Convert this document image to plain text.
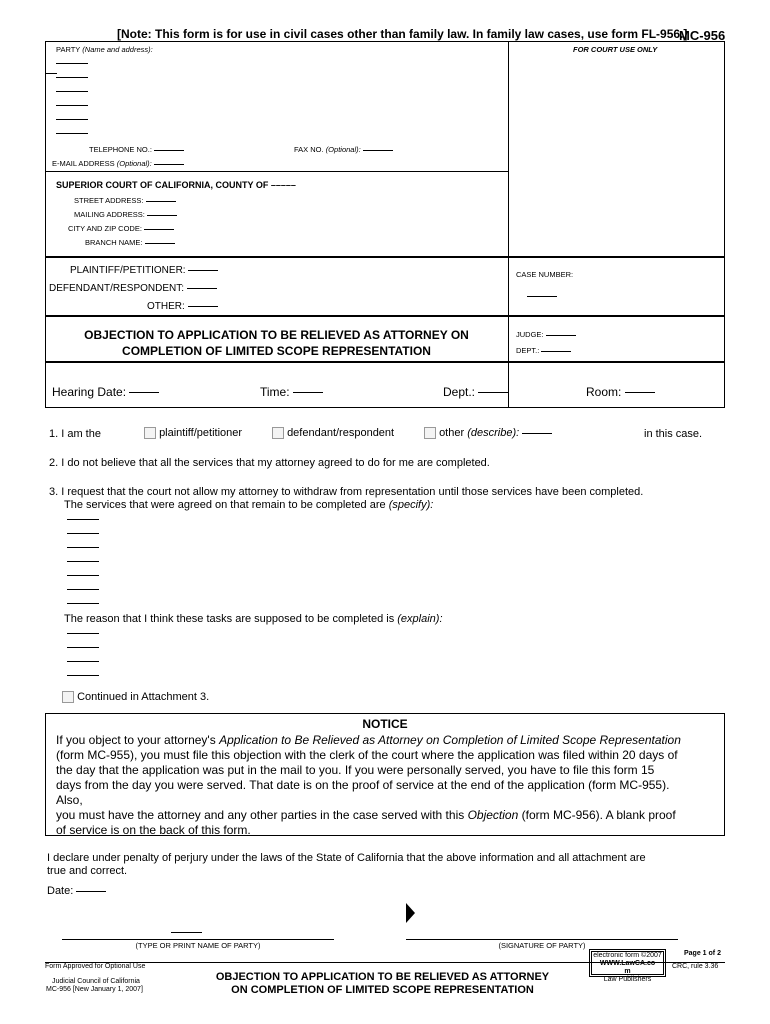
[Note: This form is for use in civil cases other than family law. In family law cases, use form FL-956.]
MC-956
PARTY (Name and address):	FOR COURT USE ONLY
TELEPHONE NO.:	FAX NO. (Optional):
E-MAIL ADDRESS (Optional):
SUPERIOR COURT OF CALIFORNIA, COUNTY OF –––––
STREET ADDRESS:
MAILING ADDRESS:
CITY AND ZIP CODE:
BRANCH NAME:
PLAINTIFF/PETITIONER:
DEFENDANT/RESPONDENT:
OTHER:
CASE NUMBER:
OBJECTION TO APPLICATION TO BE RELIEVED AS ATTORNEY ON
COMPLETION OF LIMITED SCOPE REPRESENTATION
JUDGE:
DEPT.:
Hearing Date:	Time:	Dept.:	Room:
1. I am the	plaintiff/petitioner	defendant/respondent	other (describe):	in this case.
2. I do not believe that all the services that my attorney agreed to do for me are completed.
3. I request that the court not allow my attorney to withdraw from representation until those services have been completed.
The services that were agreed on that remain to be completed are (specify):
The reason that I think these tasks are supposed to be completed is (explain):
Continued in Attachment 3.
NOTICE
If you object to your attorney's Application to Be Relieved as Attorney on Completion of Limited Scope Representation
(form MC-955), you must file this objection with the clerk of the court where the application was filed within 20 days of
the day that the application was put in the mail to you. If you were personally served, you have to file this form 15
days from the day you were served. That date is on the proof of service at the end of the application (form MC-955).
Also,
you must have the attorney and any other parties in the case served with this Objection (form MC-956). A blank proof
of service is on the back of this form.
I declare under penalty of perjury under the laws of the State of California that the above information and all attachment are
true and correct.
Date:
(TYPE OR PRINT NAME OF PARTY)	(SIGNATURE OF PARTY)
Form Approved for Optional Use
Judicial Council of California
MC-956 [New January 1, 2007]
OBJECTION TO APPLICATION TO BE RELIEVED AS ATTORNEY
ON COMPLETION OF LIMITED SCOPE REPRESENTATION
electronic form ©2007
WWW.LawCA.co
m
Law Publishers
Page 1 of 2
CRC, rule 3.36
